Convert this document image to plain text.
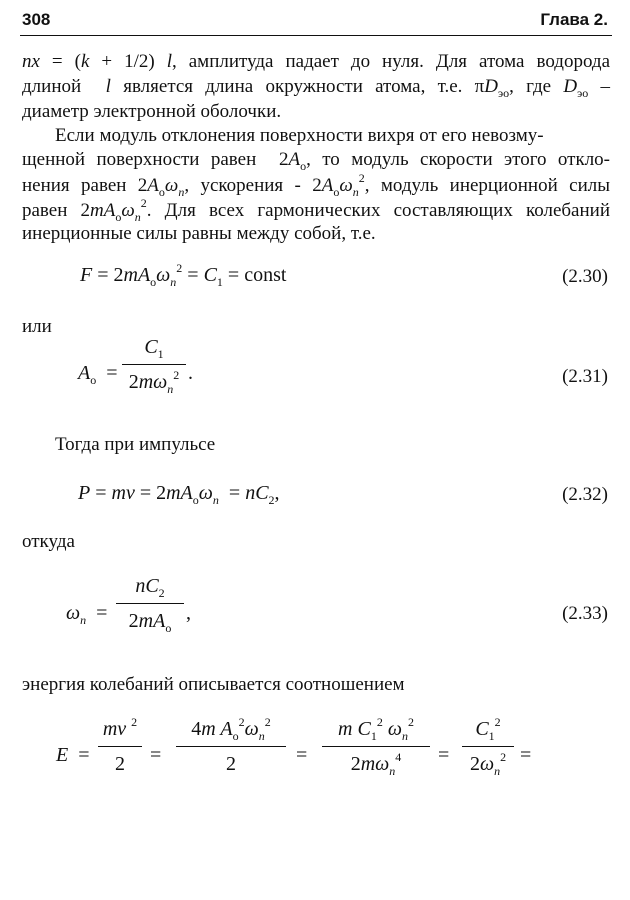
308	Глава 2.
nx = (k + 1/2) l, амплитуда падает до нуля. Для атома водорода
длиной  l является длина окружности атома, т.е. $\pi D_{эо}$, где $D_{эо}$ –
диаметр электронной оболочки.
Если модуль отклонения поверхности вихря от его невозму-
щенной поверхности равен  $2A_о$, то модуль скорости этого откло-
нения равен $2A_о\omega_n$, ускорения - $2A_о\omega_n^2$, модуль инерционной силы
равен $2mA_о\omega_n^2$. Для всех гармонических составляющих колебаний
инерционные силы равны между собой, т.е.
$F = 2mA_о\omega_n^2 = C_1$ = const	(2.30)
или
$A_о$  =
$C_1$
$2m\omega_n^2$ .	(2.31)
Тогда при импульсе
P = mv = $2mA_о\omega_n = nC_2$,	(2.32)
откуда
$\omega_n$  =
$nC_2$
$2mA_о$
,	(2.33)
энергия колебаний описывается соотношением
E  =
mv $^2$
2	=
4m $A_о^2\omega_n^2$
2	=
m $C_1^2$ $\omega_n^2$
$2m\omega_n^4$	=
$C_1^2$
$2\omega_n^2$ =
